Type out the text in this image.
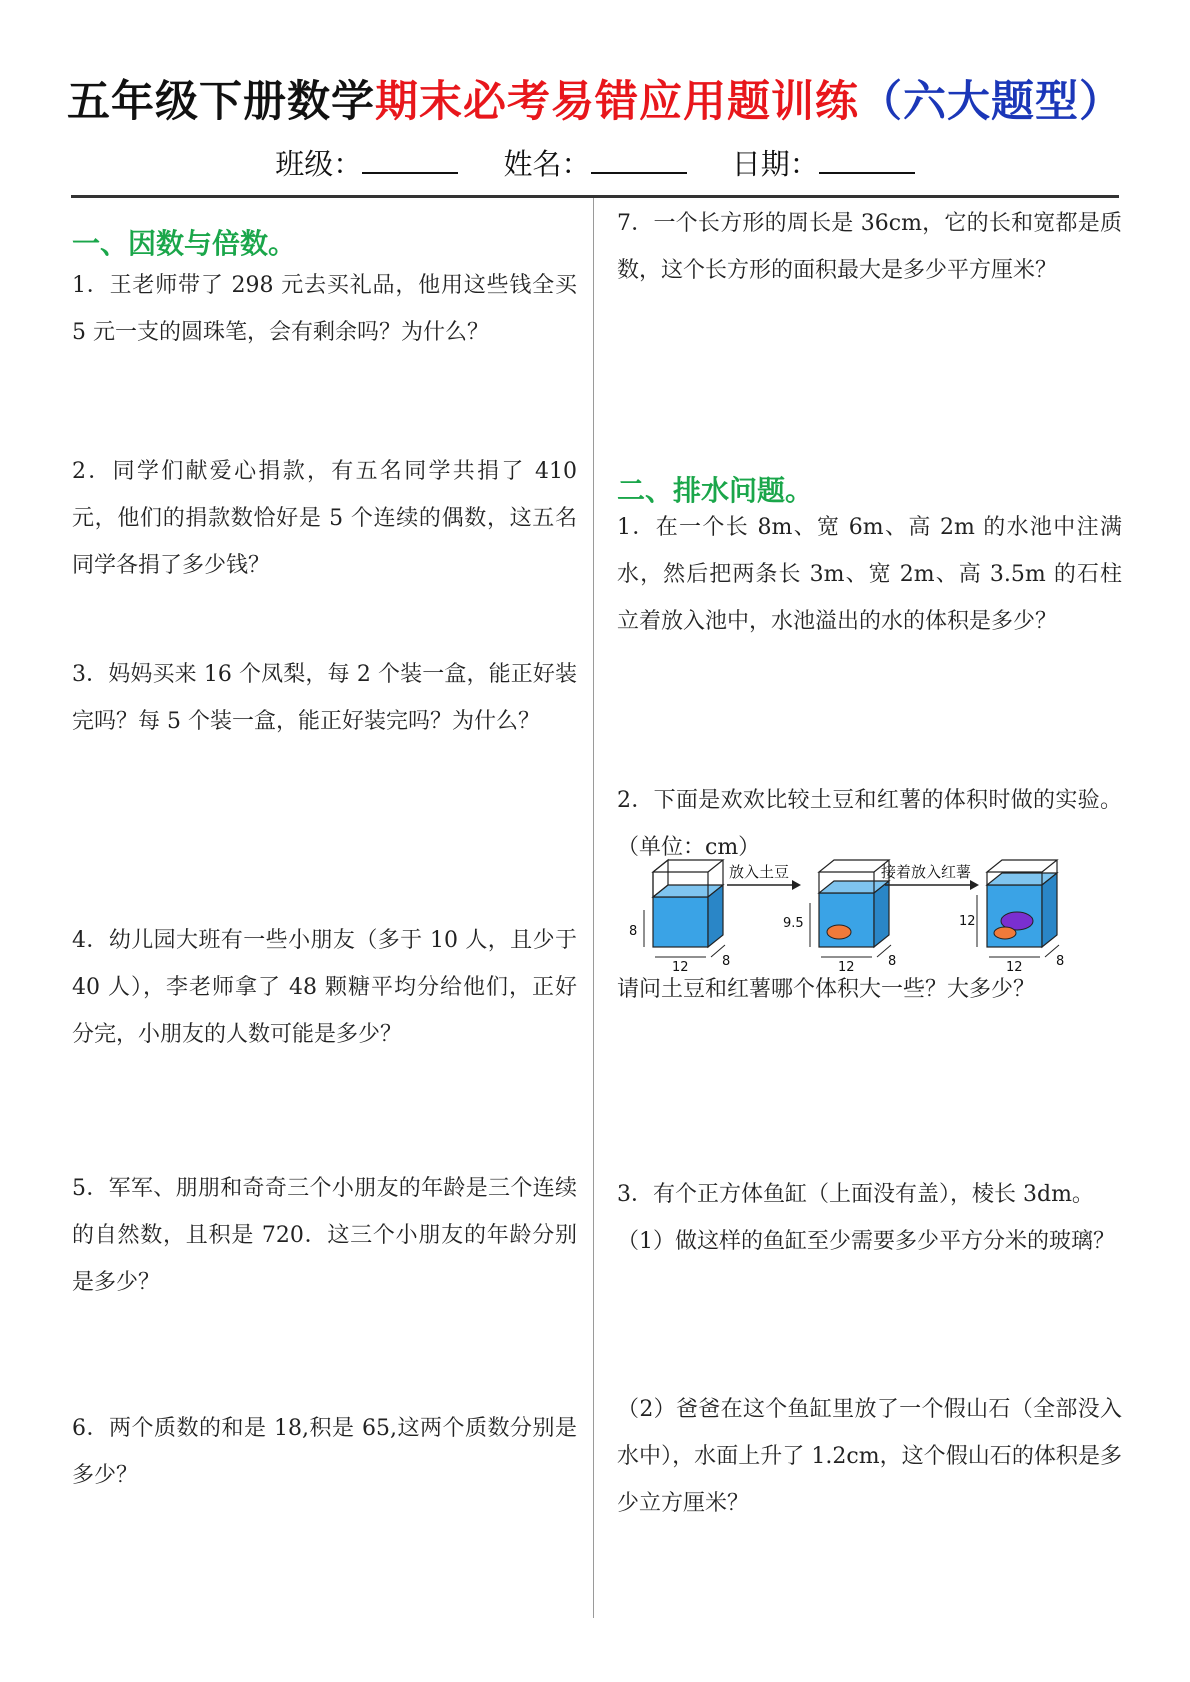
五年级下册数学期末必考易错应用题训练（六大题型）
班级：	姓名：	日期：
一、因数与倍数。
1．王老师带了 298 元去买礼品，他用这些钱全买 5 元一支的圆珠笔，会有剩余吗？为什么？
2．同学们献爱心捐款，有五名同学共捐了 410 元，他们的捐款数恰好是 5 个连续的偶数，这五名同学各捐了多少钱？
3．妈妈买来 16 个凤梨，每 2 个装一盒，能正好装完吗？每 5 个装一盒，能正好装完吗？为什么？
4．幼儿园大班有一些小朋友（多于 10 人，且少于 40 人），李老师拿了 48 颗糖平均分给他们，正好分完，小朋友的人数可能是多少？
5．军军、朋朋和奇奇三个小朋友的年龄是三个连续的自然数，且积是 720．这三个小朋友的年龄分别是多少？
6．两个质数的和是 18,积是 65,这两个质数分别是多少？
7．一个长方形的周长是 36cm，它的长和宽都是质数，这个长方形的面积最大是多少平方厘米？
二、排水问题。
1．在一个长 8m、宽 6m、高 2m 的水池中注满水，然后把两条长 3m、宽 2m、高 3.5m 的石柱立着放入池中，水池溢出的水的体积是多少？
2．下面是欢欢比较土豆和红薯的体积时做的实验。（单位：cm）
请问土豆和红薯哪个体积大一些？大多少？
3．有个正方体鱼缸（上面没有盖），棱长 3dm。
（1）做这样的鱼缸至少需要多少平方分米的玻璃？
（2）爸爸在这个鱼缸里放了一个假山石（全部没入水中），水面上升了 1.2cm，这个假山石的体积是多少立方厘米？
8
12	8
放入土豆
9.5
12	8
接着放入红薯
12
12	8
